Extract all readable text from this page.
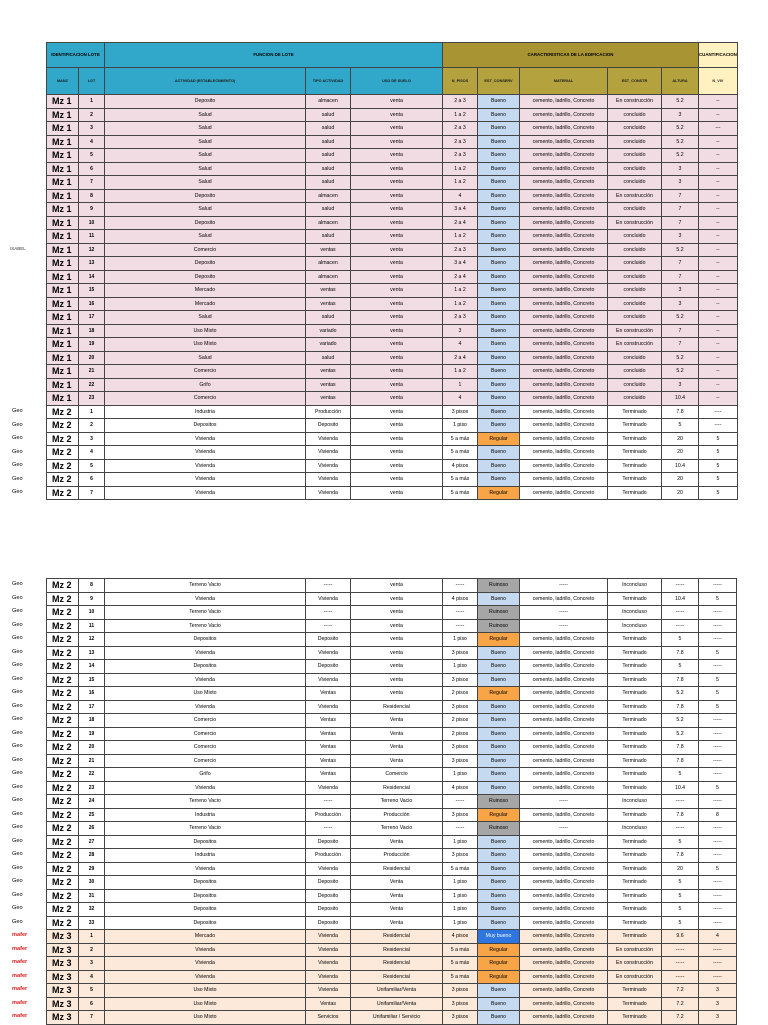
ISABEL
Geo
Geo
Geo
Geo
Geo
Geo
Geo
IDENTIFICACION LOTE		FUNCION DE LOTE			CARACTERISTICAS DE LA EDIFICACION					CUANTIFICACION
MANZ	LOT	ACTIVIDAD (ESTABLECIMIENTO)	TIPO ACTIVIDAD	USO DE SUELO	N_PISOS	EST_CONSERV	MATERIAL	EST_CONSTR	ALTURA	N_VIV
Mz 1	1	Deposito	almacen	venta	2 a 3	Bueno	cemento, ladrillo, Concreto	En construcción	5.2	--
Mz 1	2	Salud	salud	venta	1 a 2	Bueno	cemento, ladrillo, Concreto	concluido	3	--
Mz 1	3	Salud	salud	venta	2 a 3	Bueno	cemento, ladrillo, Concreto	concluido	5.2	---
Mz 1	4	Salud	salud	venta	2 a 3	Bueno	cemento, ladrillo, Concreto	concluido	5.2	--
Mz 1	5	Salud	salud	venta	2 a 3	Bueno	cemento, ladrillo, Concreto	concluido	5.2	--
Mz 1	6	Salud	salud	venta	1 a 2	Bueno	cemento, ladrillo, Concreto	concluido	3	--
Mz 1	7	Salud	salud	venta	1 a 2	Bueno	cemento, ladrillo, Concreto	concluido	3	--
Mz 1	8	Deposito	almacen	venta	4	Bueno	cemento, ladrillo, Concreto	En construcción	7	--
Mz 1	9	Salud	salud	venta	3 a 4	Bueno	cemento, ladrillo, Concreto	concluido	7	--
Mz 1	10	Deposito	almacen	venta	2 a 4	Bueno	cemento, ladrillo, Concreto	En construcción	7	--
Mz 1	11	Salud	salud	venta	1 a 2	Bueno	cemento, ladrillo, Concreto	concluido	3	--
Mz 1	12	Comercio	ventas	venta	2 a 3	Bueno	cemento, ladrillo, Concreto	concluido	5.2	--
Mz 1	13	Deposito	almacen	venta	3 a 4	Bueno	cemento, ladrillo, Concreto	concluido	7	--
Mz 1	14	Deposito	almacen	venta	2 a 4	Bueno	cemento, ladrillo, Concreto	concluido	7	--
Mz 1	15	Mercado	ventas	venta	1 a 2	Bueno	cemento, ladrillo, Concreto	concluido	3	--
Mz 1	16	Mercado	ventas	venta	1 a 2	Bueno	cemento, ladrillo, Concreto	concluido	3	--
Mz 1	17	Salud	salud	venta	2 a 3	Bueno	cemento, ladrillo, Concreto	concluido	5.2	--
Mz 1	18	Uso Mixto	variado	venta	3	Bueno	cemento, ladrillo, Concreto	En construcción	7	--
Mz 1	19	Uso Mixto	variado	venta	4	Bueno	cemento, ladrillo, Concreto	En construcción	7	--
Mz 1	20	Salud	salud	venta	2 a 4	Bueno	cemento, ladrillo, Concreto	concluido	5.2	--
Mz 1	21	Comercio	ventas	venta	1 a 2	Bueno	cemento, ladrillo, Concreto	concluido	5.2	--
Mz 1	22	Grifo	ventas	venta	1	Bueno	cemento, ladrillo, Concreto	concluido	3	--
Mz 1	23	Comercio	ventas	venta	4	Bueno	cemento, ladrillo, Concreto	concluido	10.4	--
Mz 2	1	Industria	Producción	venta	3 pisos	Bueno	cemento, ladrillo, Concreto	Terminado	7.8	----
Mz 2	2	Depositos	Deposito	venta	1 piso	Bueno	cemento, ladrillo, Concreto	Terminado	5	----
Mz 2	3	Vivienda	Vivienda	venta	5 a más	Regular	cemento, ladrillo, Concreto	Terminado	20	5
Mz 2	4	Vivienda	Vivienda	venta	5 a más	Bueno	cemento, ladrillo, Concreto	Terminado	20	5
Mz 2	5	Vivienda	Vivienda	venta	4 pisos	Bueno	cemento, ladrillo, Concreto	Terminado	10.4	5
Mz 2	6	Vivienda	Vivienda	venta	5 a más	Bueno	cemento, ladrillo, Concreto	Terminado	20	5
Mz 2	7	Vivienda	Vivienda	venta	5 a más	Regular	cemento, ladrillo, Concreto	Terminado	20	5
Geo
Geo
Geo
Geo
Geo
Geo
Geo
Geo
Geo
Geo
Geo
Geo
Geo
Geo
Geo
Geo
Geo
Geo
Geo
Geo
Geo
Geo
Geo
Geo
Geo
Geo
mafer
mafer
mafer
mafer
mafer
mafer
mafer
Mz 2	8	Terreno Vacio	-----	venta	-----	Ruinoso	-----	Inconcluso	-----	-----
Mz 2	9	Vivienda	Vivienda	venta	4 pisos	Bueno	cemento, ladrillo, Concreto	Terminado	10.4	5
Mz 2	10	Terreno Vacio	-----	venta	-----	Ruinoso	-----	Inconcluso	-----	-----
Mz 2	11	Terreno Vacio	-----	venta	-----	Ruinoso	-----	Inconcluso	-----	-----
Mz 2	12	Depositos	Deposito	venta	1 piso	Regular	cemento, ladrillo, Concreto	Terminado	5	-----
Mz 2	13	Vivienda	Vivienda	venta	3 pisos	Bueno	cemento, ladrillo, Concreto	Terminado	7.8	5
Mz 2	14	Depositos	Deposito	venta	1 piso	Bueno	cemento, ladrillo, Concreto	Terminado	5	-----
Mz 2	15	Vivienda	Vivienda	venta	3 pisos	Bueno	cemento, ladrillo, Concreto	Terminado	7.8	5
Mz 2	16	Uso Mixto	Ventas	venta	2 pisos	Regular	cemento, ladrillo, Concreto	Terminado	5.2	5
Mz 2	17	Vivienda	Vivienda	Residencial	3 pisos	Bueno	cemento, ladrillo, Concreto	Terminado	7.8	5
Mz 2	18	Comercio	Ventas	Venta	2 pisos	Bueno	cemento, ladrillo, Concreto	Terminado	5.2	-----
Mz 2	19	Comercio	Ventas	Venta	2 pisos	Bueno	cemento, ladrillo, Concreto	Terminado	5.2	-----
Mz 2	20	Comercio	Ventas	Venta	3 pisos	Bueno	cemento, ladrillo, Concreto	Terminado	7.8	-----
Mz 2	21	Comercio	Ventas	Venta	3 pisos	Bueno	cemento, ladrillo, Concreto	Terminado	7.8	-----
Mz 2	22	Grifo	Ventas	Comercio	1 piso	Bueno	cemento, ladrillo, Concreto	Terminado	5	-----
Mz 2	23	Vivienda	Vivienda	Residencial	4 pisos	Bueno	cemento, ladrillo, Concreto	Terminado	10.4	5
Mz 2	24	Terreno Vacio	-----	Terreno Vacio	-----	Ruinoso	-----	Inconcluso	-----	-----
Mz 2	25	Industria	Producción	Producción	3 pisos	Regular	cemento, ladrillo, Concreto	Terminado	7.8	8
Mz 2	26	Terreno Vacio	-----	Terreno Vacio	-----	Ruinoso	-----	Inconcluso	-----	-----
Mz 2	27	Depositos	Deposito	Venta	1 piso	Bueno	cemento, ladrillo, Concreto	Terminado	5	-----
Mz 2	28	Industria	Producción	Producción	3 pisos	Bueno	cemento, ladrillo, Concreto	Terminado	7.8	-----
Mz 2	29	Vivienda	Vivienda	Residencial	5 a más	Bueno	cemento, ladrillo, Concreto	Terminado	20	5
Mz 2	30	Depositos	Deposito	Venta	1 piso	Bueno	cemento, ladrillo, Concreto	Terminado	5	-----
Mz 2	31	Depositos	Deposito	Venta	1 piso	Bueno	cemento, ladrillo, Concreto	Terminado	5	-----
Mz 2	32	Depositos	Deposito	Venta	1 piso	Bueno	cemento, ladrillo, Concreto	Terminado	5	-----
Mz 2	33	Depositos	Deposito	Venta	1 piso	Bueno	cemento, ladrillo, Concreto	Terminado	5	-----
Mz 3	1	Mercado	Vivienda	Residencial	4 pisos	Muy bueno	cemento, ladrillo, Concreto	Terminado	9.6	4
Mz 3	2	Vivienda	Vivienda	Residencial	5 a más	Regular	cemento, ladrillo, Concreto	En construcción	-----	-----
Mz 3	3	Vivienda	Vivienda	Residencial	5 a más	Regular	cemento, ladrillo, Concreto	En construcción	-----	-----
Mz 3	4	Vivienda	Vivienda	Residencial	5 a más	Regular	cemento, ladrillo, Concreto	En construcción	-----	-----
Mz 3	5	Uso Mixto	Vivienda	Unifamiliar/Venta	3 pisos	Bueno	cemento, ladrillo, Concreto	Terminado	7.2	3
Mz 3	6	Uso Mixto	Ventas	Unifamiliar/Venta	3 pisos	Bueno	cemento, ladrillo, Concreto	Terminado	7.2	3
Mz 3	7	Uso Mixto	Servicios	Unifamiliar / Servicio	3 pisos	Bueno	cemento, ladrillo, Concreto	Terminado	7.2	3
